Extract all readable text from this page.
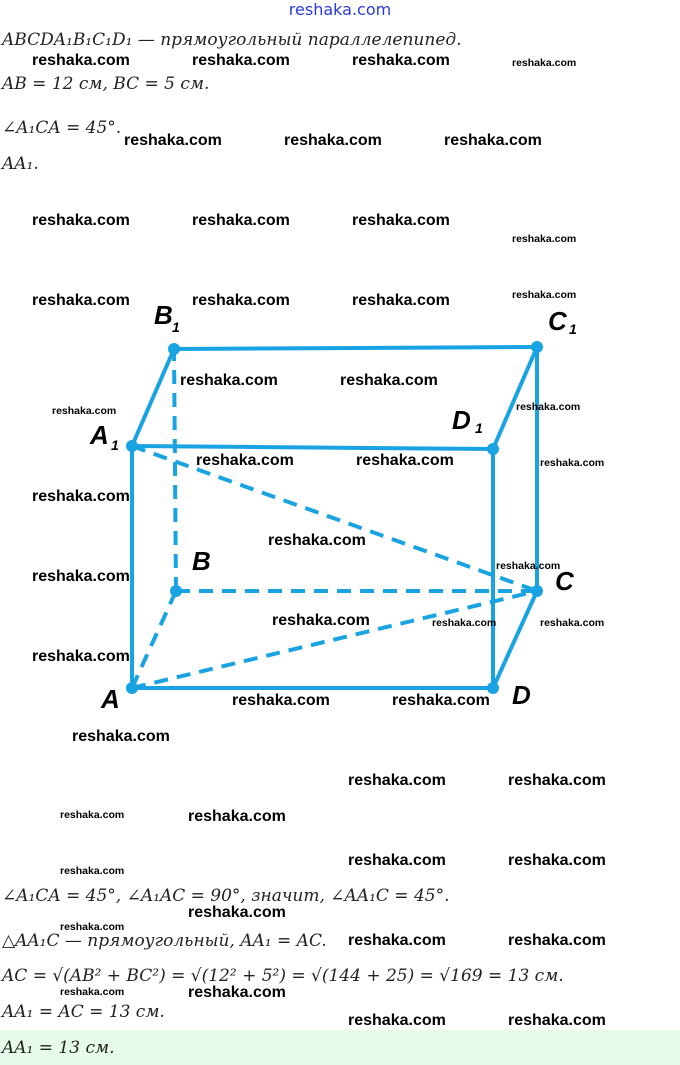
reshaka.com
ABCDA₁B₁C₁D₁ — прямоугольный параллелепипед.
AB = 12 см, BC = 5 см.
∠A₁CA = 45°.
AA₁.
B 1	C 1
A 1
D 1
B
C
A	D
∠A₁CA = 45°, ∠A₁AC = 90°, значит, ∠AA₁C = 45°.
△AA₁C — прямоугольный, AA₁ = AC.
AC = √(AB² + BC²) = √(12² + 5²) = √(144 + 25) = √169 = 13 см.
AA₁ = AC = 13 см.
AA₁ = 13 см.
reshaka.com	reshaka.com	reshaka.com	reshaka.com
reshaka.com	reshaka.com	reshaka.com
reshaka.com	reshaka.com	reshaka.com
reshaka.com
reshaka.com	reshaka.com	reshaka.com	reshaka.com
reshaka.com	reshaka.com
reshaka.com	reshaka.com
reshaka.com	reshaka.com	reshaka.com
reshaka.com
reshaka.com
reshaka.com
reshaka.com
reshaka.com	reshaka.com	reshaka.com
reshaka.com
reshaka.com	reshaka.com
reshaka.com
reshaka.com	reshaka.com
reshaka.com	reshaka.com
reshaka.com	reshaka.com
reshaka.com
reshaka.com
reshaka.com
reshaka.com	reshaka.com
reshaka.com	reshaka.com
reshaka.com	reshaka.com
